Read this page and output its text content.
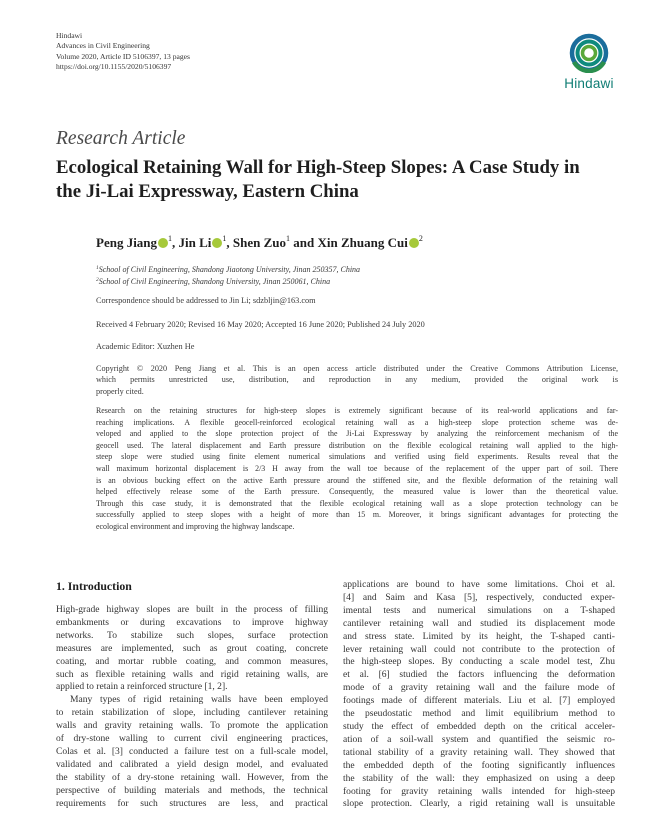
Hindawi
Advances in Civil Engineering
Volume 2020, Article ID 5106397, 13 pages
https://doi.org/10.1155/2020/5106397
Hindawi
Research Article
Ecological Retaining Wall for High-Steep Slopes: A Case Study in
the Ji-Lai Expressway, Eastern China
Peng Jiang $^1$, Jin Li $^1$, Shen Zuo$^1$ and Xin Zhuang Cui $^2$
$^1$School of Civil Engineering, Shandong Jiaotong University, Jinan 250357, China
$^2$School of Civil Engineering, Shandong University, Jinan 250061, China
Correspondence should be addressed to Jin Li; sdzbljin@163.com
Received 4 February 2020; Revised 16 May 2020; Accepted 16 June 2020; Published 24 July 2020
Academic Editor: Xuzhen He
Copyright © 2020 Peng Jiang et al. This is an open access article distributed under the Creative Commons Attribution License,
which permits unrestricted use, distribution, and reproduction in any medium, provided the original work is
properly cited.
Research on the retaining structures for high-steep slopes is extremely significant because of its real-world applications and far-
reaching implications. A flexible geocell-reinforced ecological retaining wall as a high-steep slope protection scheme was de-
veloped and applied to the slope protection project of the Ji-Lai Expressway by analyzing the reinforcement mechanism of the
geocell used. The lateral displacement and Earth pressure distribution on the flexible ecological retaining wall applied to the high-
steep slope were studied using finite element numerical simulations and verified using field experiments. Results reveal that the
wall maximum horizontal displacement is 2/3 H away from the wall toe because of the replacement of the upper part of soil. There
is an obvious bucking effect on the active Earth pressure around the stiffened site, and the flexible deformation of the retaining wall
helped effectively release some of the Earth pressure. Consequently, the measured value is lower than the theoretical value.
Through this case study, it is demonstrated that the flexible ecological retaining wall as a slope protection technology can be
successfully applied to steep slopes with a height of more than 15 m. Moreover, it brings significant advantages for protecting the
ecological environment and improving the highway landscape.
1. Introduction
High-grade highway slopes are built in the process of filling
embankments or during excavations to improve highway
networks. To stabilize such slopes, surface protection
measures are implemented, such as grout coating, concrete
coating, and mortar rubble coating, and common measures,
such as flexible retaining walls and rigid retaining walls, are
applied to retain a reinforced structure [1, 2].
Many types of rigid retaining walls have been employed
to retain stabilization of slope, including cantilever retaining
walls and gravity retaining walls. To promote the application
of dry-stone walling to current civil engineering practices,
Colas et al. [3] conducted a failure test on a full-scale model,
validated and calibrated a yield design model, and evaluated
the stability of a dry-stone retaining wall. However, from the
perspective of building materials and methods, the technical
requirements for such structures are less, and practical
applications are bound to have some limitations. Choi et al.
[4] and Saim and Kasa [5], respectively, conducted exper-
imental tests and numerical simulations on a T-shaped
cantilever retaining wall and studied its displacement mode
and stress state. Limited by its height, the T-shaped canti-
lever retaining wall could not contribute to the protection of
the high-steep slopes. By conducting a scale model test, Zhu
et al. [6] studied the factors influencing the deformation
mode of a gravity retaining wall and the failure mode of
footings made of different materials. Liu et al. [7] employed
the pseudostatic method and limit equilibrium method to
study the effect of embedded depth on the critical acceler-
ation of a soil-wall system and quantified the seismic ro-
tational stability of a gravity retaining wall. They showed that
the embedded depth of the footing significantly influences
the stability of the wall: they emphasized on using a deep
footing for gravity retaining walls intended for high-steep
slope protection. Clearly, a rigid retaining wall is unsuitable
